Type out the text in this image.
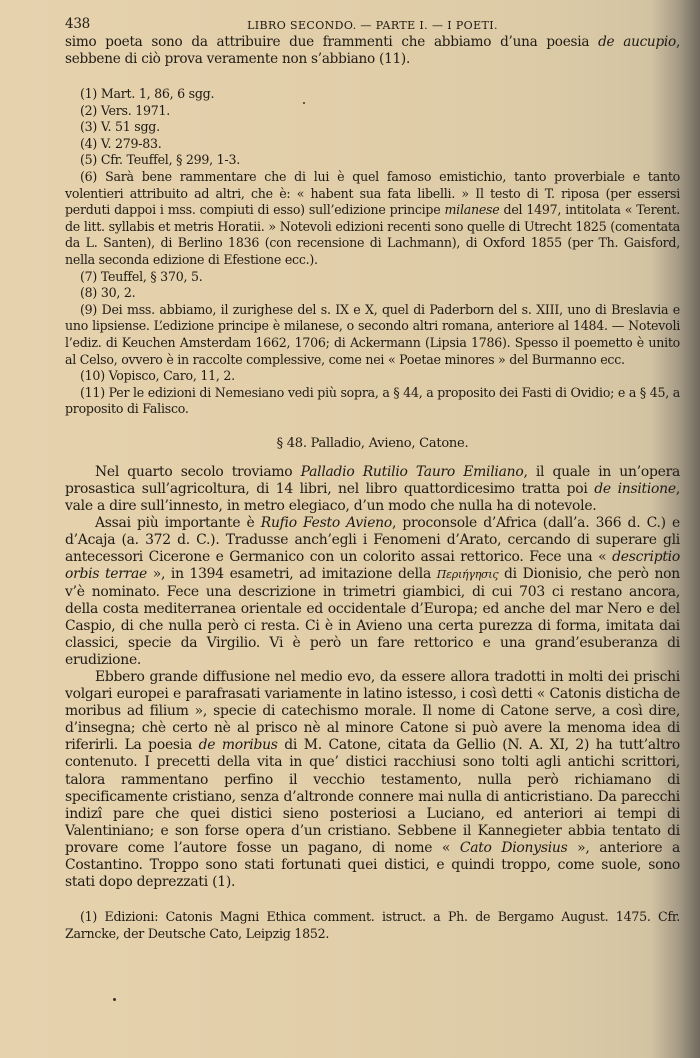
438	LIBRO SECONDO. — PARTE I. — I POETI.

simo poeta sono da attribuire due frammenti che abbiamo d’una poesia de aucupio, sebbene di ciò prova veramente non s’abbiano (11).

(1) Mart. 1, 86, 6 sgg.

(2) Vers. 1971.

(3) V. 51 sgg.

(4) V. 279-83.

(5) Cfr. Teuffel, § 299, 1-3.

(6) Sarà bene rammentare che di lui è quel famoso emistichio, tanto proverbiale e tanto volentieri attribuito ad altri, che è: « habent sua fata libelli. » Il testo di T. riposa (per essersi perduti dappoi i mss. compiuti di esso) sull’edizione principe milanese del 1497, intitolata « Terent. de litt. syllabis et metris Horatii. » Notevoli edizioni recenti sono quelle di Utrecht 1825 (comentata da L. Santen), di Berlino 1836 (con recensione di Lachmann), di Oxford 1855 (per Th. Gaisford, nella seconda edizione di Efestione ecc.).

(7) Teuffel, § 370, 5.

(8) 30, 2.

(9) Dei mss. abbiamo, il zurighese del s. IX e X, quel di Paderborn del s. XIII, uno di Breslavia e uno lipsiense. L’edizione principe è milanese, o secondo altri romana, anteriore al 1484. — Notevoli l’ediz. di Keuchen Amsterdam 1662, 1706; di Ackermann (Lipsia 1786). Spesso il poemetto è unito al Celso, ovvero è in raccolte complessive, come nei « Poetae minores » del Burmanno ecc.

(10) Vopisco, Caro, 11, 2.

(11) Per le edizioni di Nemesiano vedi più sopra, a § 44, a proposito dei Fasti di Ovidio; e a § 45, a proposito di Falisco.

§ 48. Palladio, Avieno, Catone.

Nel quarto secolo troviamo Palladio Rutilio Tauro Emiliano, il quale in un’opera prosastica sull’agricoltura, di 14 libri, nel libro quattordicesimo tratta poi de insitione, vale a dire sull’innesto, in metro elegiaco, d’un modo che nulla ha di notevole.

Assai più importante è Rufio Festo Avieno, proconsole d’Africa (dall’a. 366 d. C.) e d’Acaja (a. 372 d. C.). Tradusse anch’egli i Fenomeni d’Arato, cercando di superare gli antecessori Cicerone e Germanico con un colorito assai rettorico. Fece una « descriptio orbis terrae », in 1394 esametri, ad imitazione della Περιήγησις di Dionisio, che però non v’è nominato. Fece una descrizione in trimetri giambici, di cui 703 ci restano ancora, della costa mediterranea orientale ed occidentale d’Europa; ed anche del mar Nero e del Caspio, di che nulla però ci resta. Ci è in Avieno una certa purezza di forma, imitata dai classici, specie da Virgilio. Vi è però un fare rettorico e una grand’esuberanza di erudizione.

Ebbero grande diffusione nel medio evo, da essere allora tradotti in molti dei prischi volgari europei e parafrasati variamente in latino istesso, i così detti « Catonis disticha de moribus ad filium », specie di catechismo morale. Il nome di Catone serve, a così dire, d’insegna; chè certo nè al prisco nè al minore Catone si può avere la menoma idea di riferirli. La poesia de moribus di M. Catone, citata da Gellio (N. A. XI, 2) ha tutt’altro contenuto. I precetti della vita in que’ distici racchiusi sono tolti agli antichi scrittori, talora rammentano perfino il vecchio testamento, nulla però richiamano di specificamente cristiano, senza d’altronde connere mai nulla di anticristiano. Da parecchi indizî pare che quei distici sieno posteriosi a Luciano, ed anteriori ai tempi di Valentiniano; e son forse opera d’un cristiano. Sebbene il Kannegieter abbia tentato di provare come l’autore fosse un pagano, di nome « Cato Dionysius », anteriore a Costantino. Troppo sono stati fortunati quei distici, e quindi troppo, come suole, sono stati dopo deprezzati (1).

(1) Edizioni: Catonis Magni Ethica comment. istruct. a Ph. de Bergamo August. 1475. Cfr. Zarncke, der Deutsche Cato, Leipzig 1852.
